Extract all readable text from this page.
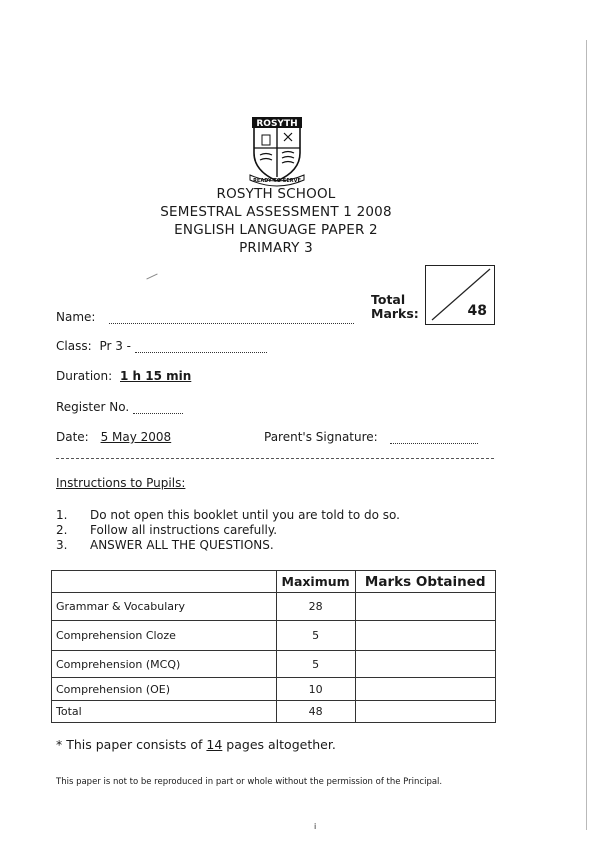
ROSYTH
READY TO SERVE
ROSYTH SCHOOL
SEMESTRAL ASSESSMENT 1 2008
ENGLISH LANGUAGE PAPER 2
PRIMARY 3
Total
Marks:	48
Name:
Class: Pr 3 -
Duration: 1 h 15 min
Register No.
Date: 5 May 2008	Parent's Signature:
Instructions to Pupils:
1. Do not open this booklet until you are told to do so.
2. Follow all instructions carefully.
3. ANSWER ALL THE QUESTIONS.
	Maximum	Marks Obtained
Grammar & Vocabulary	28	
Comprehension Cloze	5	
Comprehension (MCQ)	5	
Comprehension (OE)	10	
Total	48	
* This paper consists of 14 pages altogether.
This paper is not to be reproduced in part or whole without the permission of the Principal.
i
